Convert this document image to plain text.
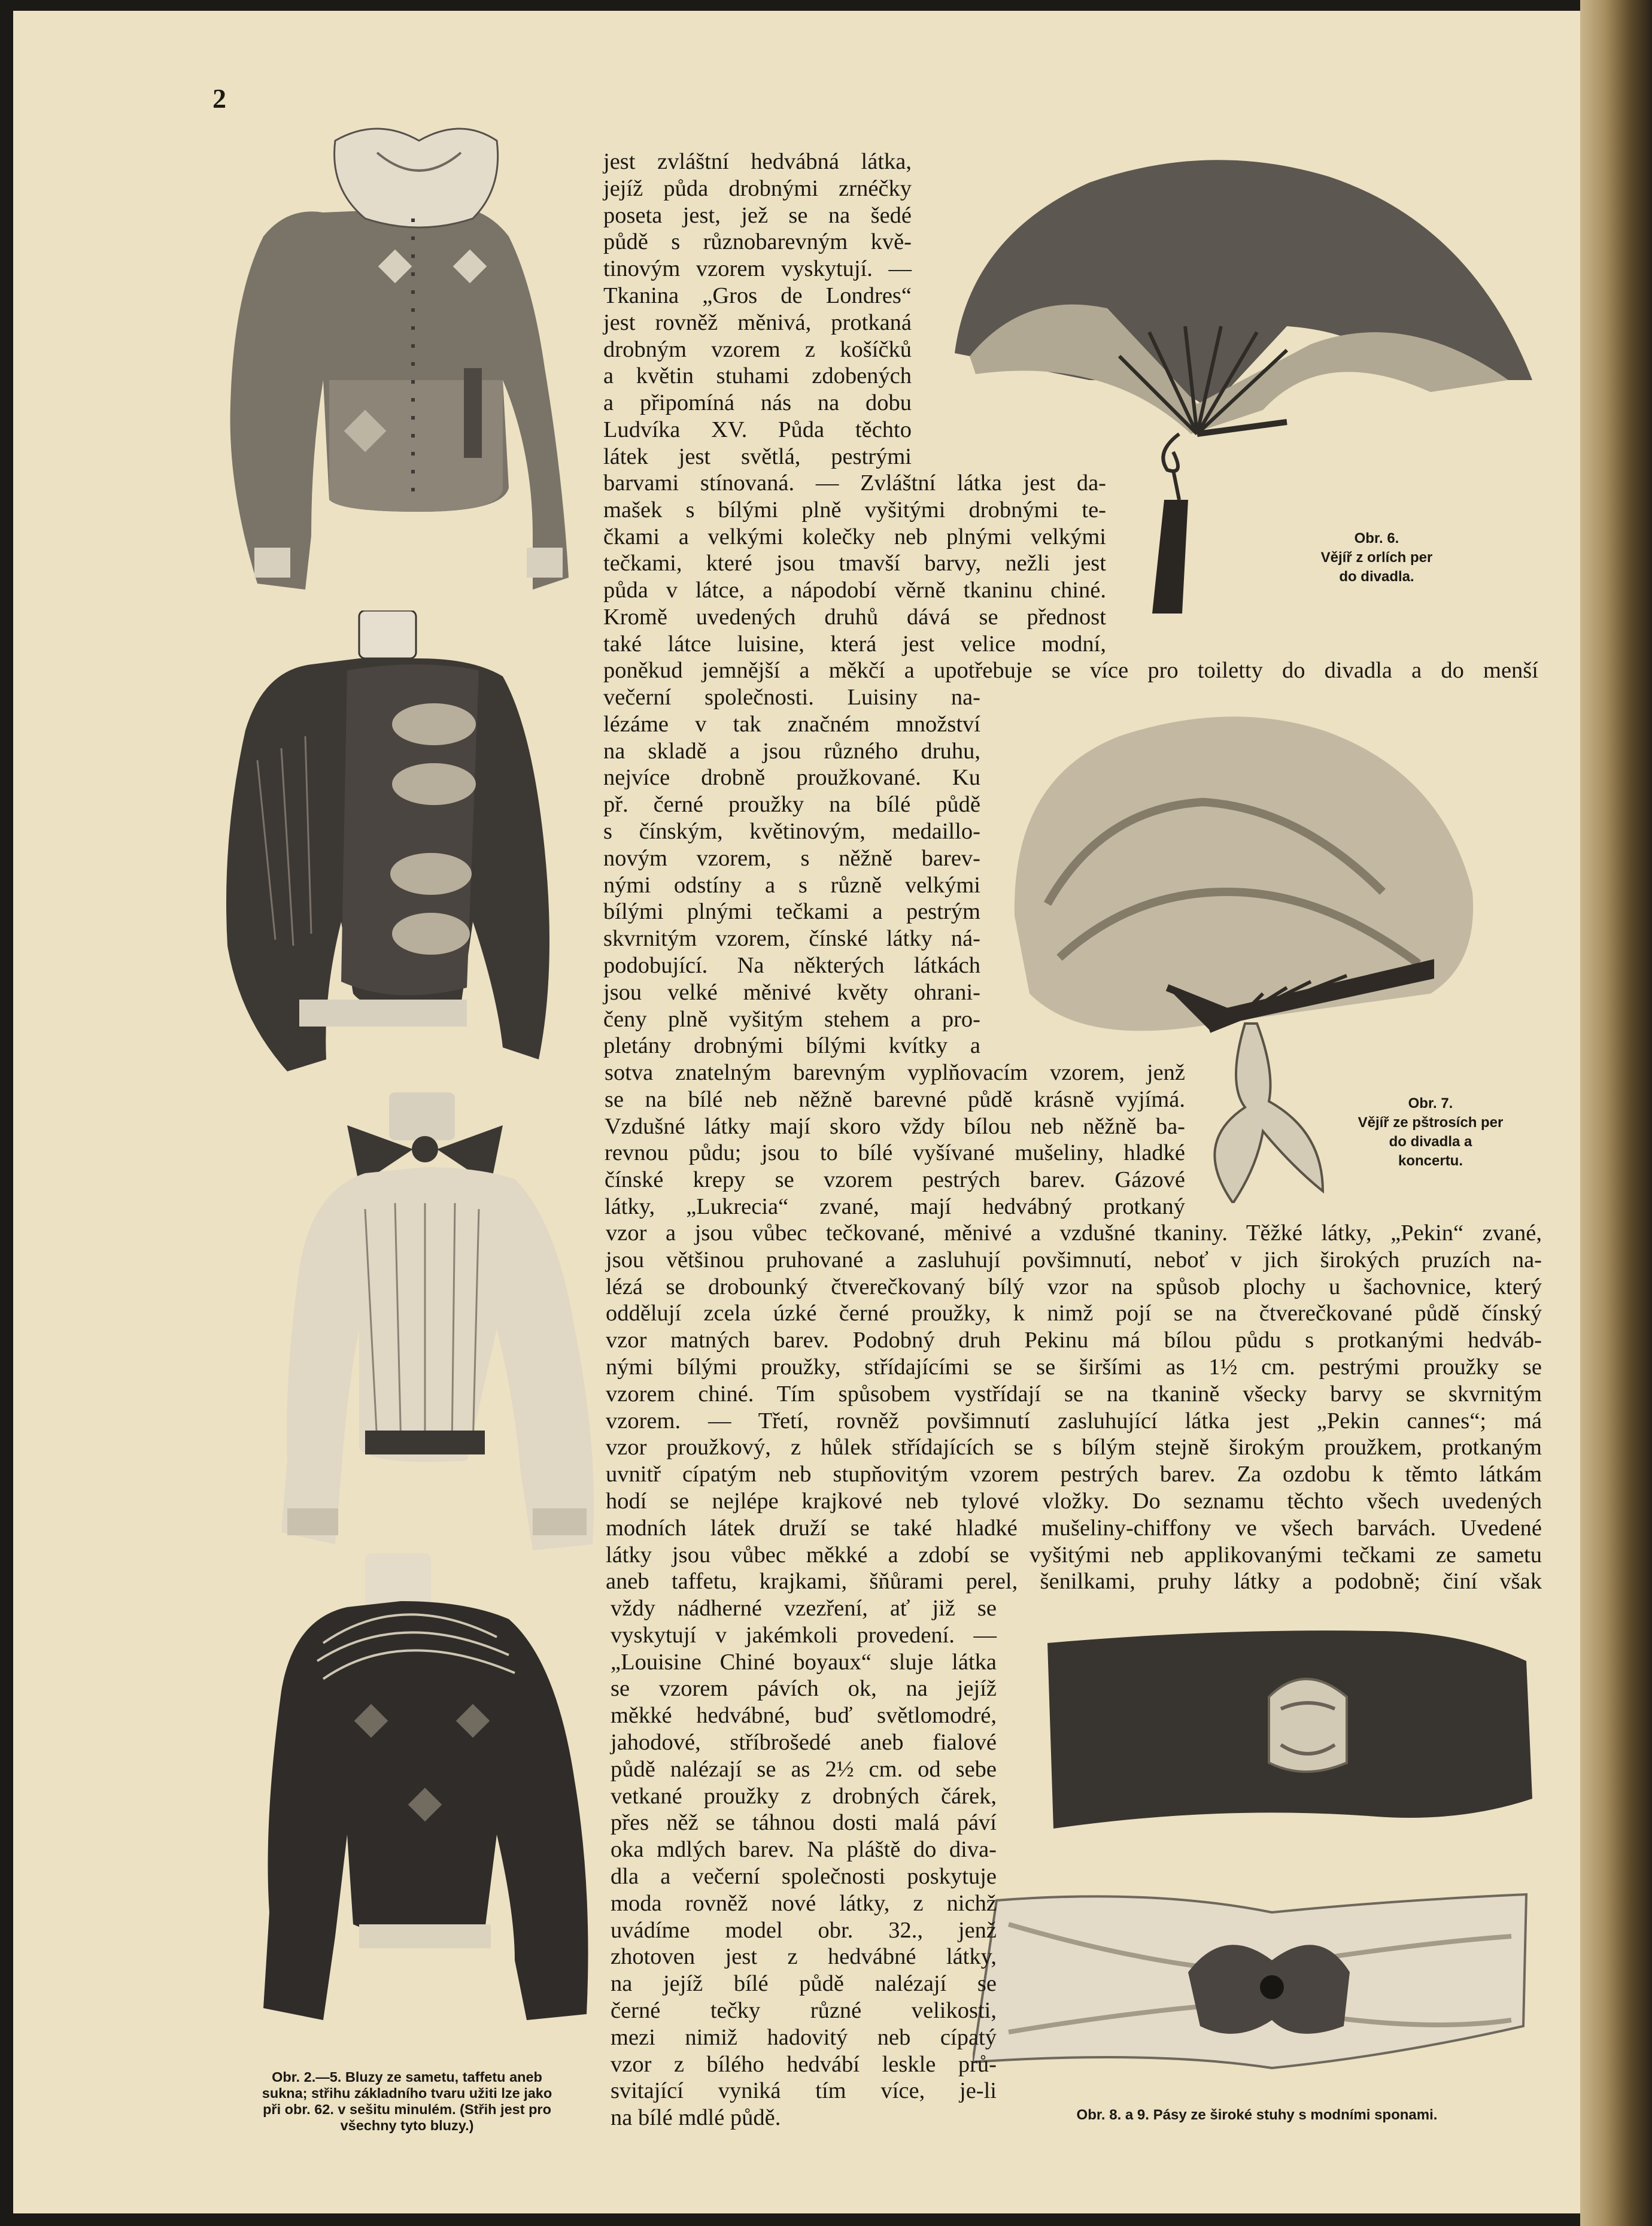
2
Obr. 6.
Vějíř z orlích per
do divadla.
Obr. 7.
Vějíř ze pštrosích per
do divadla a
koncertu.
Obr. 2.—5. Bluzy ze sametu, taffetu aneb
sukna; střihu základního tvaru užiti lze jako
při obr. 62. v sešitu minulém. (Střih jest pro
všechny tyto bluzy.)
Obr. 8. a 9. Pásy ze široké stuhy s modními sponami.
jest zvláštní hedvábná látka,
jejíž půda drobnými zrnéčky
poseta jest, jež se na šedé
půdě s různobarevným kvě-
tinovým vzorem vyskytují. —
Tkanina „Gros de Londres“
jest rovněž měnivá, protkaná
drobným vzorem z košíčků
a květin stuhami zdobených
a připomíná nás na dobu
Ludvíka XV. Půda těchto
látek jest světlá, pestrými
barvami stínovaná. — Zvláštní látka jest da-
mašek s bílými plně vyšitými drobnými te-
čkami a velkými kolečky neb plnými velkými
tečkami, které jsou tmavší barvy, nežli jest
půda v látce, a nápodobí věrně tkaninu chiné.
Kromě uvedených druhů dává se přednost
také látce luisine, která jest velice modní,
poněkud jemnější a měkčí a upotřebuje se více pro toiletty do divadla a do menší
večerní společnosti. Luisiny na-
lézáme v tak značném množství
na skladě a jsou různého druhu,
nejvíce drobně proužkované. Ku
př. černé proužky na bílé půdě
s čínským, květinovým, medaillo-
novým vzorem, s něžně barev-
nými odstíny a s různě velkými
bílými plnými tečkami a pestrým
skvrnitým vzorem, čínské látky ná-
podobující. Na některých látkách
jsou velké měnivé květy ohrani-
čeny plně vyšitým stehem a pro-
pletány drobnými bílými kvítky a
sotva znatelným barevným vyplňovacím vzorem, jenž
se na bílé neb něžně barevné půdě krásně vyjímá.
Vzdušné látky mají skoro vždy bílou neb něžně ba-
revnou půdu; jsou to bílé vyšívané mušeliny, hladké
čínské krepy se vzorem pestrých barev. Gázové
látky, „Lukrecia“ zvané, mají hedvábný protkaný
vzor a jsou vůbec tečkované, měnivé a vzdušné tkaniny. Těžké látky, „Pekin“ zvané,
jsou většinou pruhované a zasluhují povšimnutí, neboť v jich širokých pruzích na-
lézá se drobounký čtverečkovaný bílý vzor na spůsob plochy u šachovnice, který
oddělují zcela úzké černé proužky, k nimž pojí se na čtverečkované půdě čínský
vzor matných barev. Podobný druh Pekinu má bílou půdu s protkanými hedváb-
nými bílými proužky, střídajícími se se širšími as 1½ cm. pestrými proužky se
vzorem chiné. Tím spůsobem vystřídají se na tkanině všecky barvy se skvrnitým
vzorem. — Třetí, rovněž povšimnutí zasluhující látka jest „Pekin cannes“; má
vzor proužkový, z hůlek střídajících se s bílým stejně širokým proužkem, protkaným
uvnitř cípatým neb stupňovitým vzorem pestrých barev. Za ozdobu k těmto látkám
hodí se nejlépe krajkové neb tylové vložky. Do seznamu těchto všech uvedených
modních látek druží se také hladké mušeliny-chiffony ve všech barvách. Uvedené
látky jsou vůbec měkké a zdobí se vyšitými neb applikovanými tečkami ze sametu
aneb taffetu, krajkami, šňůrami perel, šenilkami, pruhy látky a podobně; činí však
vždy nádherné vzezření, ať již se
vyskytují v jakémkoli provedení. —
„Louisine Chiné boyaux“ sluje látka
se vzorem pávích ok, na jejíž
měkké hedvábné, buď světlomodré,
jahodové, stříbrošedé aneb fialové
půdě nalézají se as 2½ cm. od sebe
vetkané proužky z drobných čárek,
přes něž se táhnou dosti malá páví
oka mdlých barev. Na pláště do diva-
dla a večerní společnosti poskytuje
moda rovněž nové látky, z nichž
uvádíme model obr. 32., jenž
zhotoven jest z hedvábné látky,
na jejíž bílé půdě nalézají se
černé tečky různé velikosti,
mezi nimiž hadovitý neb cípatý
vzor z bílého hedvábí leskle prů-
svitající vyniká tím více, je-li
na bílé mdlé půdě.
